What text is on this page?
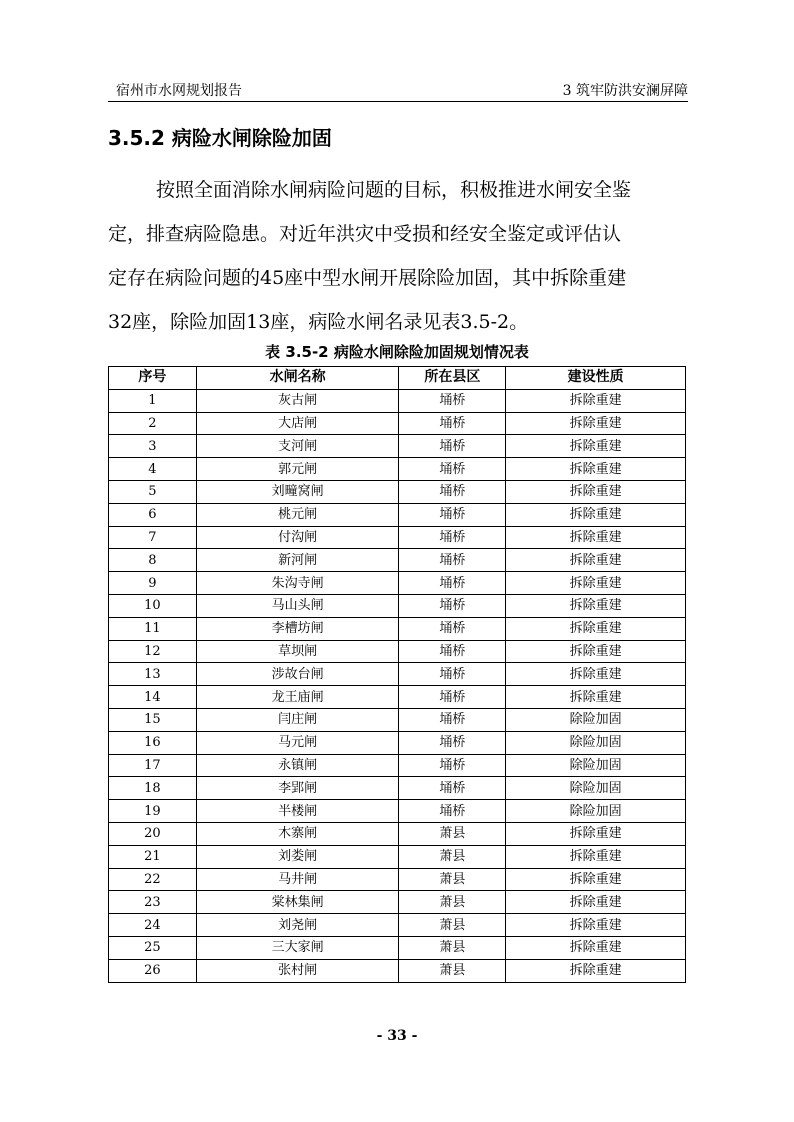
宿州市水网规划报告	3 筑牢防洪安澜屏障
3.5.2 病险水闸除险加固

按照全面消除水闸病险问题的目标，积极推进水闸安全鉴
定，排查病险隐患。对近年洪灾中受损和经安全鉴定或评估认
定存在病险问题的45座中型水闸开展除险加固，其中拆除重建
32座，除险加固13座，病险水闸名录见表3.5-2。

表 3.5-2 病险水闸除险加固规划情况表
序号	水闸名称	所在县区	建设性质
1	灰古闸	埇桥	拆除重建
2	大店闸	埇桥	拆除重建
3	支河闸	埇桥	拆除重建
4	郭元闸	埇桥	拆除重建
5	刘疃窝闸	埇桥	拆除重建
6	桃元闸	埇桥	拆除重建
7	付沟闸	埇桥	拆除重建
8	新河闸	埇桥	拆除重建
9	朱沟寺闸	埇桥	拆除重建
10	马山头闸	埇桥	拆除重建
11	李槽坊闸	埇桥	拆除重建
12	草坝闸	埇桥	拆除重建
13	涉故台闸	埇桥	拆除重建
14	龙王庙闸	埇桥	拆除重建
15	闫庄闸	埇桥	除险加固
16	马元闸	埇桥	除险加固
17	永镇闸	埇桥	除险加固
18	李郢闸	埇桥	除险加固
19	半楼闸	埇桥	除险加固
20	木寨闸	萧县	拆除重建
21	刘娄闸	萧县	拆除重建
22	马井闸	萧县	拆除重建
23	棠林集闸	萧县	拆除重建
24	刘尧闸	萧县	拆除重建
25	三大家闸	萧县	拆除重建
26	张村闸	萧县	拆除重建
- 33 -
